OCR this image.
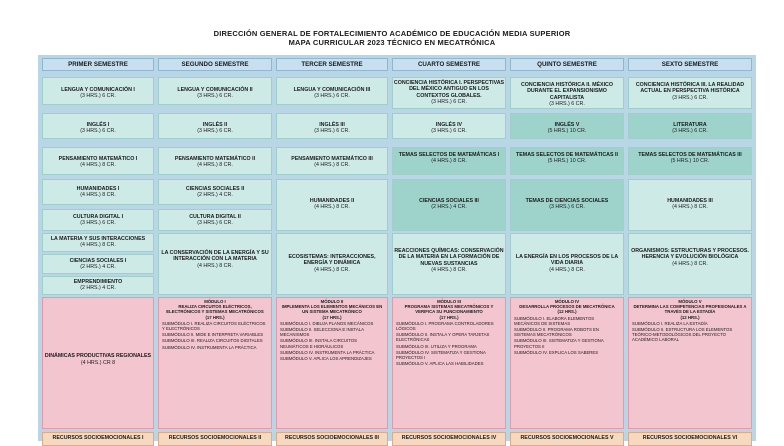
DIRECCIÓN GENERAL DE FORTALECIMIENTO ACADÉMICO DE EDUCACIÓN MEDIA SUPERIOR
MAPA CURRICULAR 2023 TÉCNICO EN MECATRÓNICA
PRIMER SEMESTRE
LENGUA Y COMUNICACIÓN I
(3 HRS.) 6 CR.
INGLÉS I
(3 HRS.) 6 CR.
PENSAMIENTO MATEMÁTICO I
(4 HRS.) 8 CR.
HUMANIDADES I
(4 HRS.) 8 CR.
CULTURA DIGITAL I
(3 HRS.) 6 CR.
LA MATERIA Y SUS INTERACCIONES
(4 HRS.) 8 CR.
CIENCIAS SOCIALES I
(2 HRS.) 4 CR.
EMPRENDIMIENTO
(2 HRS.) 4 CR.
DINÁMICAS PRODUCTIVAS REGIONALES
(4 HRS.) CR 8
RECURSOS SOCIOEMOCIONALES I
SEGUNDO SEMESTRE
LENGUA Y COMUNICACIÓN II
(3 HRS.) 6 CR.
INGLÉS II
(3 HRS.) 6 CR.
PENSAMIENTO MATEMÁTICO II
(4 HRS.) 8 CR.
CIENCIAS SOCIALES II
(2 HRS.) 4 CR.
CULTURA DIGITAL II
(3 HRS.) 6 CR.
LA CONSERVACIÓN DE LA ENERGÍA Y SU INTERACCIÓN CON LA MATERIA
(4 HRS.) 8 CR.
MÓDULO I
REALIZA CIRCUITOS ELÉCTRICOS, ELECTRÓNICOS Y SISTEMAS MECATRÓNICOS
(17 HRS.)
SUBMÓDULO I. REALIZA CIRCUITOS ELÉCTRICOS Y ELECTRÓNICOS
SUBMÓDULO II. MIDE E INTERPRETA VARIABLES
SUBMÓDULO III. REALIZA CIRCUITOS DIGITALES
SUBMÓDULO IV. INSTRUMENTA LA PRÁCTICA
RECURSOS SOCIOEMOCIONALES II
TERCER SEMESTRE
LENGUA Y COMUNICACIÓN III
(3 HRS.) 6 CR.
INGLÉS III
(3 HRS.) 6 CR.
PENSAMIENTO MATEMÁTICO III
(4 HRS.) 8 CR.
HUMANIDADES II
(4 HRS.) 8 CR.
ECOSISTEMAS: INTERACCIONES, ENERGÍA Y DINÁMICA
(4 HRS.) 8 CR.
MÓDULO II
IMPLEMENTA LOS ELEMENTOS MECÁNICOS EN UN SISTEMA MECATRÓNICO
(17 HRS.)
SUBMÓDULO I. DIBUJA PLANOS MECÁNICOS
SUBMÓDULO II. SELECCIONA E INSTALA MECANISMOS
SUBMÓDULO III. INSTALA CIRCUITOS NEUMÁTICOS E HIDRÁULICOS
SUBMÓDULO IV. INSTRUMENTA LA PRÁCTICA
SUBMÓDULO V. APLICA LOS APRENDIZAJES
RECURSOS SOCIOEMOCIONALES III
CUARTO SEMESTRE
CONCIENCIA HISTÓRICA I. PERSPECTIVAS DEL MÉXICO ANTIGUO EN LOS CONTEXTOS GLOBALES.
(3 HRS.) 6 CR.
INGLÉS IV
(3 HRS.) 6 CR.
TEMAS SELECTOS DE MATEMÁTICAS I
(4 HRS.) 8 CR.
CIENCIAS SOCIALES III
(2 HRS.) 4 CR.
REACCIONES QUÍMICAS: CONSERVACIÓN DE LA MATERIA EN LA FORMACIÓN DE NUEVAS SUSTANCIAS
(4 HRS.) 8 CR.
MÓDULO III
PROGRAMA SISTEMAS MECATRÓNICOS Y VERIFICA SU FUNCIONAMIENTO
(17 HRS.)
SUBMÓDULO I. PROGRAMA CONTROLADORES LÓGICOS
SUBMÓDULO II. INSTALA Y OPERA TARJETAS ELECTRÓNICAS
SUBMÓDULO III. UTILIZA Y PROGRAMA
SUBMÓDULO IV. SISTEMATIZA Y GESTIONA PROYECTOS I
SUBMÓDULO V. APLICA LAS HABILIDADES
RECURSOS SOCIOEMOCIONALES IV
QUINTO SEMESTRE
CONCIENCIA HISTÓRICA II. MÉXICO DURANTE EL EXPANSIONISMO CAPITALISTA
(3 HRS.) 6 CR.
INGLÉS V
(5 HRS.) 10 CR.
TEMAS SELECTOS DE MATEMÁTICAS II
(5 HRS.) 10 CR.
TEMAS DE CIENCIAS SOCIALES
(3 HRS.) 6 CR.
LA ENERGÍA EN LOS PROCESOS DE LA VIDA DIARIA
(4 HRS.) 8 CR.
MÓDULO IV
DESARROLLA PROCESOS DE MECATRÓNICA
(12 HRS.)
SUBMÓDULO I. ELABORA ELEMENTOS MECÁNICOS DE SISTEMAS
SUBMÓDULO II. PROGRAMA ROBOTS EN SISTEMAS MECATRÓNICOS
SUBMÓDULO III. SISTEMATIZA Y GESTIONA PROYECTOS II
SUBMÓDULO IV. EXPLICA LOS SABERES
RECURSOS SOCIOEMOCIONALES V
SEXTO SEMESTRE
CONCIENCIA HISTÓRICA III. LA REALIDAD ACTUAL EN PERSPECTIVA HISTÓRICA
(3 HRS.) 6 CR.
LITERATURA
(3 HRS.) 6 CR.
TEMAS SELECTOS DE MATEMÁTICAS III
(5 HRS.) 10 CR.
HUMANIDADES III
(4 HRS.) 8 CR.
ORGANISMOS: ESTRUCTURAS Y PROCESOS. HERENCIA Y EVOLUCIÓN BIOLÓGICA
(4 HRS.) 8 CR.
MÓDULO V
DETERMINA LAS COMPETENCIAS PROFESIONALES A TRAVÉS DE LA ESTADÍA
(12 HRS.)
SUBMÓDULO I. REALIZA LA ESTADÍA
SUBMÓDULO II. ESTRUCTURA LOS ELEMENTOS TEÓRICO-METODOLÓGICOS DEL PROYECTO ACADÉMICO LABORAL
RECURSOS SOCIOEMOCIONALES VI
